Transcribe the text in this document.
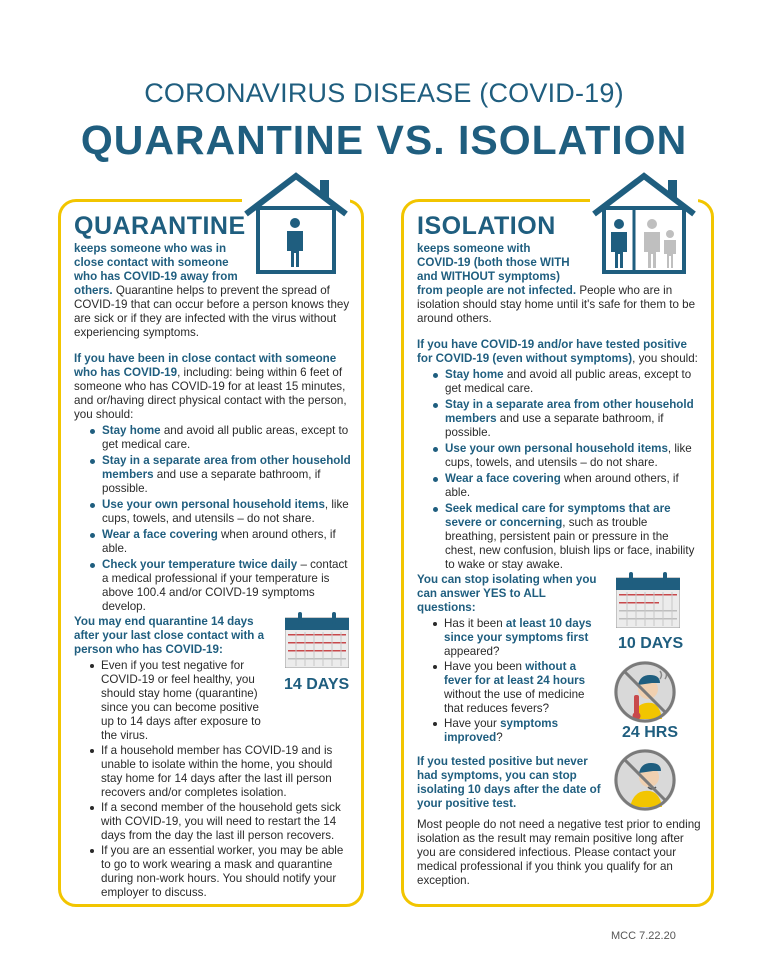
CORONAVIRUS DISEASE (COVID-19)
QUARANTINE VS. ISOLATION
QUARANTINE

keeps someone who was in

close contact with someone

who has COVID-19 away from

others. Quarantine helps to prevent the spread of COVID-19 that can occur before a person knows they are sick or if they are infected with the virus without experiencing symptoms.

If you have been in close contact with someone who has COVID-19, including: being within 6 feet of someone who has COVID-19 for at least 15 minutes, and or/having direct physical contact with the person, you should:

Stay home and avoid all public areas, except to get medical care.
Stay in a separate area from other household members and use a separate bathroom, if possible.
Use your own personal household items, like cups, towels, and utensils – do not share.
Wear a face covering when around others, if able.
Check your temperature twice daily – contact a medical professional if your temperature is above 100.4 and/or COIVD-19 symptoms develop.

You may end quarantine 14 days after your last close contact with a person who has COVID-19:

Even if you test negative for COVID-19 or feel healthy, you should stay home (quarantine) since you can become positive up to 14 days after exposure to the virus.
If a household member has COVID-19 and is unable to isolate within the home, you should stay home for 14 days after the last ill person recovers and/or completes isolation.
If a second member of the household gets sick with COVID-19, you will need to restart the 14 days from the day the last ill person recovers.
If you are an essential worker, you may be able to go to work wearing a mask and quarantine during non-work hours. You should notify your employer to discuss.
14 DAYS
ISOLATION

keeps someone with

COVID-19 (both those WITH

and WITHOUT symptoms)

from people are not infected. People who are in isolation should stay home until it's safe for them to be around others.

If you have COVID-19 and/or have tested positive for COVID-19 (even without symptoms), you should:

Stay home and avoid all public areas, except to get medical care.
Stay in a separate area from other household members and use a separate bathroom, if possible.
Use your own personal household items, like cups, towels, and utensils – do not share.
Wear a face covering when around others, if able.
Seek medical care for symptoms that are severe or concerning, such as trouble breathing, persistent pain or pressure in the chest, new confusion, bluish lips or face, inability to wake or stay awake.

You can stop isolating when you can answer YES to ALL questions:

Has it been at least 10 days since your symptoms first appeared?
Have you been without a fever for at least 24 hours without the use of medicine that reduces fevers?
Have your symptoms improved?

If you tested positive but never had symptoms, you can stop isolating 10 days after the date of your positive test.

Most people do not need a negative test prior to ending isolation as the result may remain positive long after you are considered infectious. Please contact your medical professional if you think you qualify for an exception.
10 DAYS
24 HRS
MCC 7.22.20
